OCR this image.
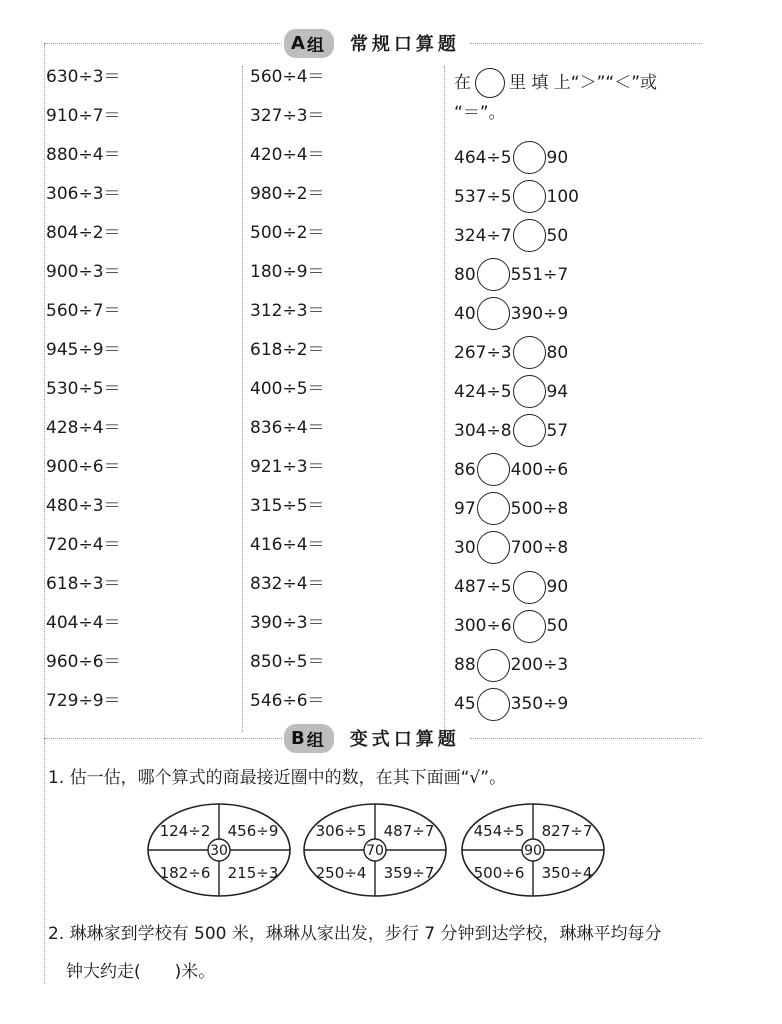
A 组 常规口算题
630÷3＝
910÷7＝
880÷4＝
306÷3＝
804÷2＝
900÷3＝
560÷7＝
945÷9＝
530÷5＝
428÷4＝
900÷6＝
480÷3＝
720÷4＝
618÷3＝
404÷4＝
960÷6＝
729÷9＝
560÷4＝
327÷3＝
420÷4＝
980÷2＝
500÷2＝
180÷9＝
312÷3＝
618÷2＝
400÷5＝
836÷4＝
921÷3＝
315÷5＝
416÷4＝
832÷4＝
390÷3＝
850÷5＝
546÷6＝
在 里 填 上“＞”“＜”或
“＝”。
464÷5 90
537÷5 100
324÷7 50
80 551÷7
40 390÷9
267÷3 80
424÷5 94
304÷8 57
86 400÷6
97 500÷8
30 700÷8
487÷5 90
300÷6 50
88 200÷3
45 350÷9
B 组 变式口算题
1. 估一估，哪个算式的商最接近圈中的数，在其下面画“√”。
30
124÷2 456÷9
182÷6 215÷3
70
306÷5 487÷7
250÷4 359÷7
90
454÷5 827÷7
500÷6 350÷4
2. 琳琳家到学校有 500 米，琳琳从家出发，步行 7 分钟到达学校，琳琳平均每分
钟大约走(　　)米。
